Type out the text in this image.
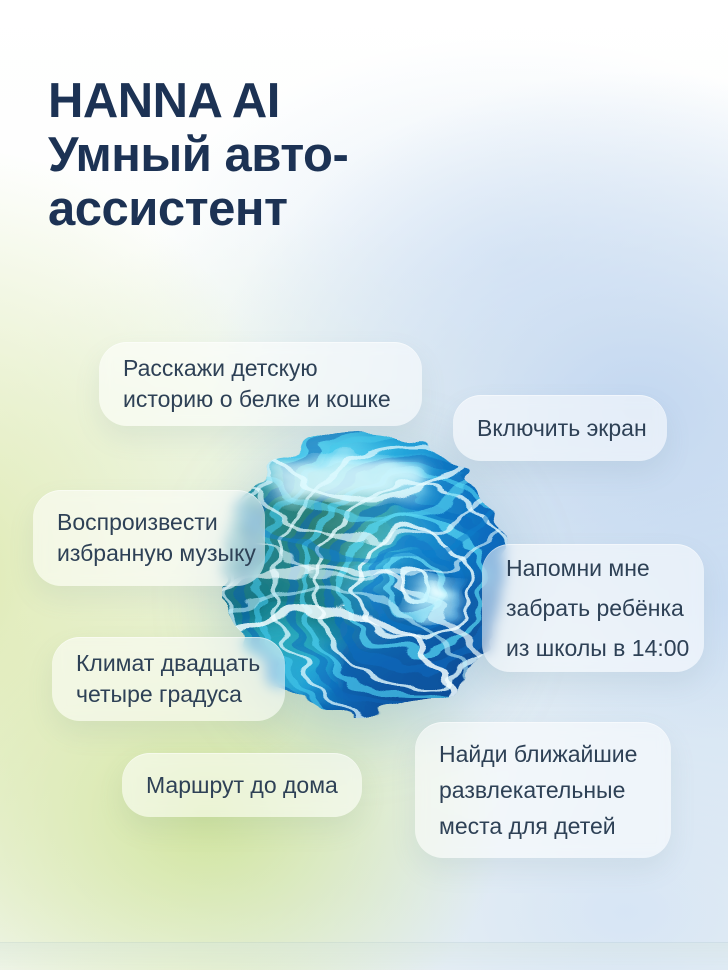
HANNA AI
Умный авто-ассистент
Расскажи детскую
историю о белке и кошке
Включить экран
Воспроизвести
избранную музыку
Напомни мне
забрать ребёнка
из школы в 14:00
Климат двадцать
четыре градуса
Маршрут до дома
Найди ближайшие
развлекательные
места для детей
